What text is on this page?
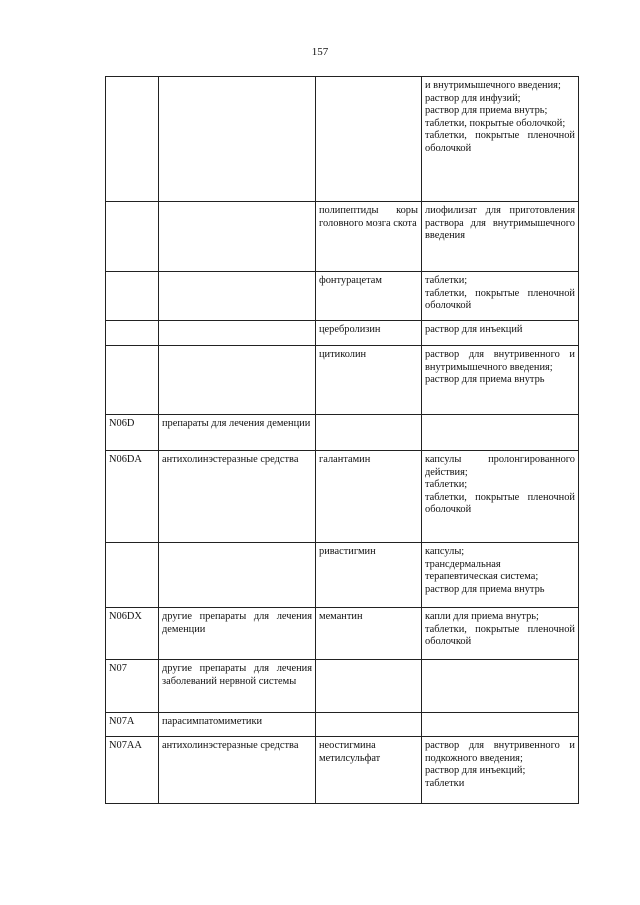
157

			и внутримышечного введения;
раствор для инфузий;
раствор для приема внутрь;
таблетки, покрытые оболочкой;
таблетки, покрытые пленочной оболочкой

		полипептиды коры головного мозга скота	лиофилизат для приготовления раствора для внутримышечного введения

		фонтурацетам	таблетки;
таблетки, покрытые пленочной оболочкой

		церебролизин	раствор для инъекций

		цитиколин	раствор для внутривенного и внутримышечного введения;
раствор для приема внутрь

N06D	препараты для лечения деменции		
N06DA	антихолинэстеразные средства	галантамин	капсулы пролонгированного действия;
таблетки;
таблетки, покрытые пленочной оболочкой

		ривастигмин	капсулы;
трансдермальная терапевтическая система;
раствор для приема внутрь

N06DX	другие препараты для лечения деменции	мемантин	капли для приема внутрь;
таблетки, покрытые пленочной оболочкой

N07	другие препараты для лечения заболеваний нервной системы		
N07A	парасимпатомиметики		
N07AA	антихолинэстеразные средства	неостигмина метилсульфат	раствор для внутривенного и подкожного введения;
раствор для инъекций;
таблетки
